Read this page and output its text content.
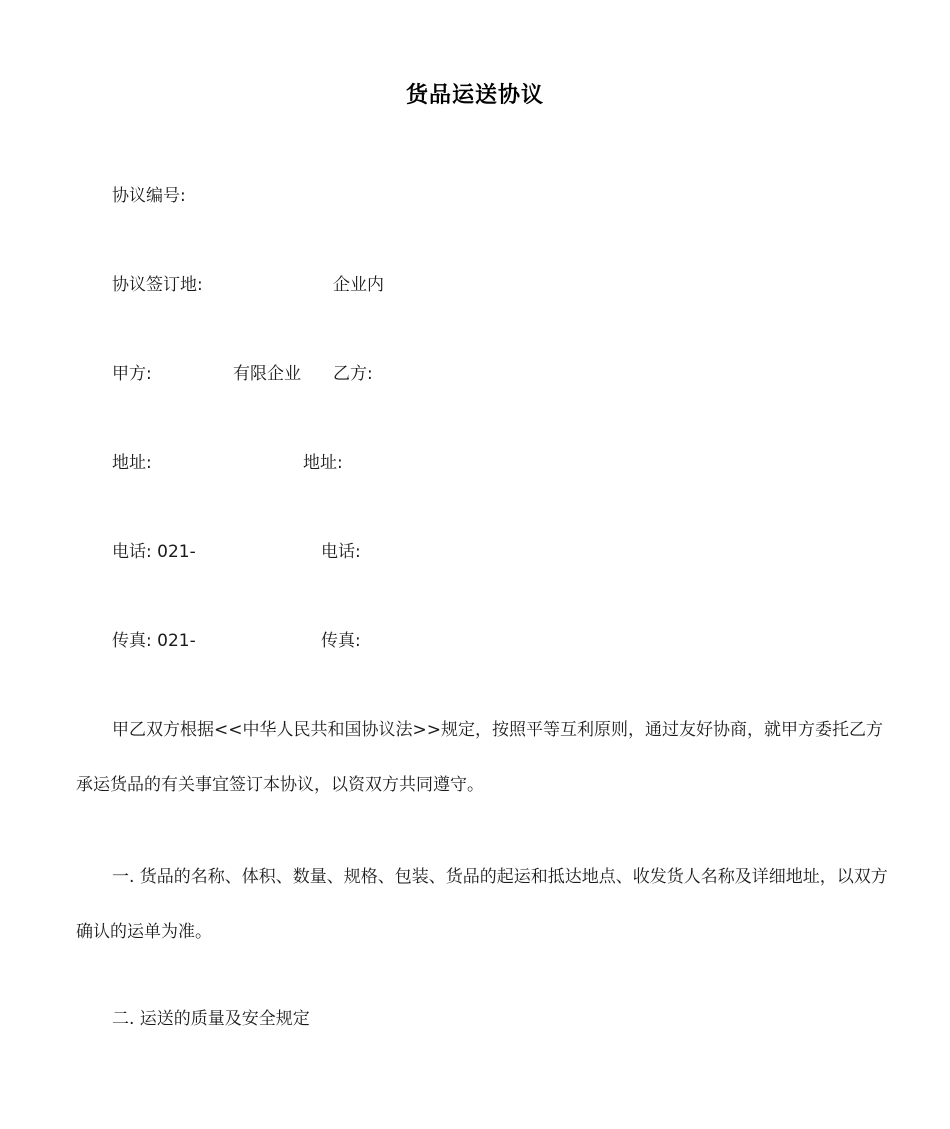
货品运送协议
协议编号:
协议签订地:	企业内
甲方:	有限企业 乙方:
地址:	地址:
电话: 021-	电话:
传真: 021-	传真:
甲乙双方根据<<中华人民共和国协议法>>规定，按照平等互利原则，通过友好协商，就甲方委托乙方承运货品的有关事宜签订本协议，以资双方共同遵守。
一. 货品的名称、体积、数量、规格、包装、货品的起运和抵达地点、收发货人名称及详细地址，以双方确认的运单为准。
二. 运送的质量及安全规定
